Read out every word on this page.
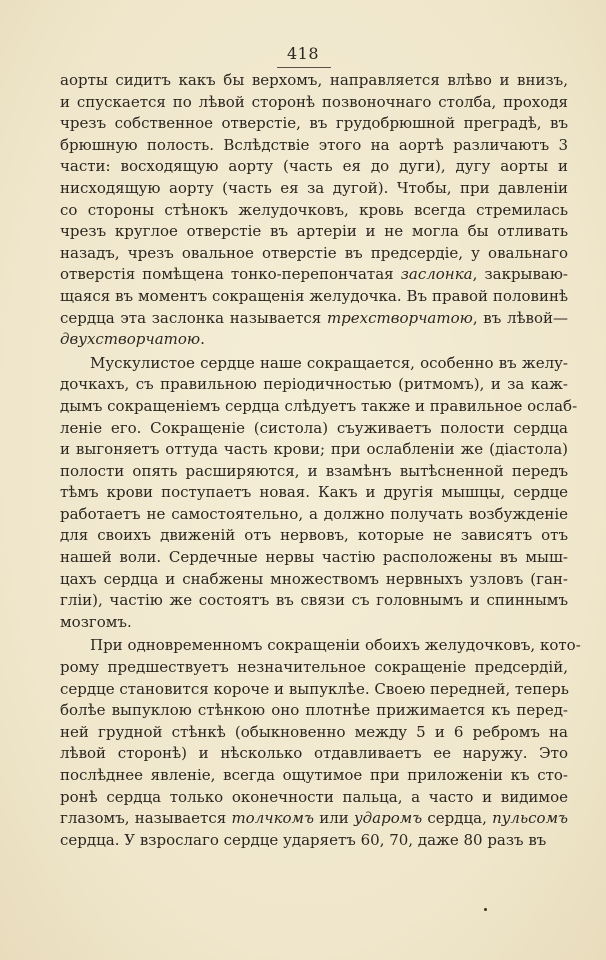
418
аорты сидитъ какъ бы верхомъ, направляется влѣво и внизъ,
и спускается по лѣвой сторонѣ позвоночнаго столба, проходя
чрезъ собственное отверстіе, въ грудобрюшной преградѣ, въ
брюшную полость. Вслѣдствіе этого на аортѣ различаютъ 3
части: восходящую аорту (часть ея до дуги), дугу аорты и
нисходящую аорту (часть ея за дугой). Чтобы, при давленіи
со стороны стѣнокъ желудочковъ, кровь всегда стремилась
чрезъ круглое отверстіе въ артеріи и не могла бы отливать
назадъ, чрезъ овальное отверстіе въ предсердіе, у овальнаго
отверстія помѣщена тонко-перепончатая заслонка, закрываю-
щаяся въ моментъ сокращенія желудочка. Въ правой половинѣ
сердца эта заслонка называется трехстворчатою, въ лѣвой—
двухстворчатою.
Мускулистое сердце наше сокращается, особенно въ желу-
дочкахъ, съ правильною періодичностью (ритмомъ), и за каж-
дымъ сокращеніемъ сердца слѣдуетъ также и правильное ослаб-
леніе его. Сокращеніе (систола) съуживаетъ полости сердца
и выгоняетъ оттуда часть крови; при ослабленіи же (діастола)
полости опять расширяются, и взамѣнъ вытѣсненной передъ
тѣмъ крови поступаетъ новая. Какъ и другія мышцы, сердце
работаетъ не самостоятельно, а должно получать возбужденіе
для своихъ движеній отъ нервовъ, которые не зависятъ отъ
нашей воли. Сердечные нервы частію расположены въ мыш-
цахъ сердца и снабжены множествомъ нервныхъ узловъ (ган-
гліи), частію же состоятъ въ связи съ головнымъ и спиннымъ
мозгомъ.
При одновременномъ сокращеніи обоихъ желудочковъ, кото-
рому предшествуетъ незначительное сокращеніе предсердій,
сердце становится короче и выпуклѣе. Своею передней, теперь
болѣе выпуклою стѣнкою оно плотнѣе прижимается къ перед-
ней грудной стѣнкѣ (обыкновенно между 5 и 6 ребромъ на
лѣвой сторонѣ) и нѣсколько отдавливаетъ ее наружу. Это
послѣднее явленіе, всегда ощутимое при приложеніи къ сто-
ронѣ сердца только оконечности пальца, а часто и видимое
глазомъ, называется толчкомъ или ударомъ сердца, пульсомъ
сердца. У взрослаго сердце ударяетъ 60, 70, даже 80 разъ въ
